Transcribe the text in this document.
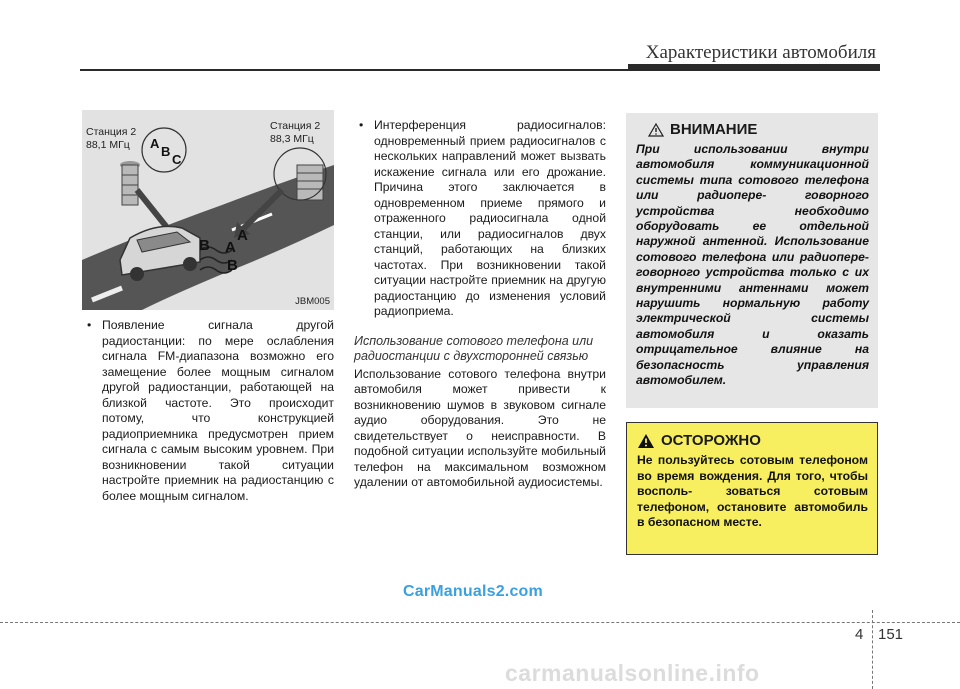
Характеристики автомобиля
A
B
C
A
B A
B
Станция 2
88,1 МГц
Станция 2
88,3 МГц
JBM005
• Появление сигнала другой радиостанции: по мере ослабления сигнала FM-диапазона возможно его замещение более мощным сигналом другой радиостанции, работающей на близкой частоте. Это происходит потому, что конструкцией радиоприемника предусмотрен прием сигнала с самым высоким уровнем. При возникновении такой ситуации настройте приемник на радиостанцию с более мощным сигналом.
• Интерференция радиосигналов: одновременный прием радиосигналов с нескольких направлений может вызвать искажение сигнала или его дрожание. Причина этого заключается в одновременном приеме прямого и отраженного радиосигнала одной станции, или радиосигналов двух станций, работающих на близких частотах. При возникновении такой ситуации настройте приемник на другую радиостанцию до изменения условий радиоприема.
Использование сотового телефона или радиостанции с двухсторонней связью
Использование сотового телефона внутри автомобиля может привести к возникновению шумов в звуковом сигнале аудио оборудования. Это не свидетельствует о неисправности. В подобной ситуации используйте мобильный телефон на максимальном возможном удалении от автомобильной аудиосистемы.
ВНИМАНИЕ
При использовании внутри автомобиля коммуникационной системы типа сотового телефона или радиопере- говорного устройства необходимо оборудовать ее отдельной наружной антенной. Использование сотового телефона или радиопере- говорного устройства только с их внутренними антеннами может нарушить нормальную работу электрической системы автомобиля и оказать отрицательное влияние на безопасность управления автомобилем.
ОСТОРОЖНО
Не пользуйтесь сотовым телефоном во время вождения. Для того, чтобы восполь- зоваться сотовым телефоном, остановите автомобиль в безопасном месте.
CarManuals2.com
4 151
carmanualsonline.info
